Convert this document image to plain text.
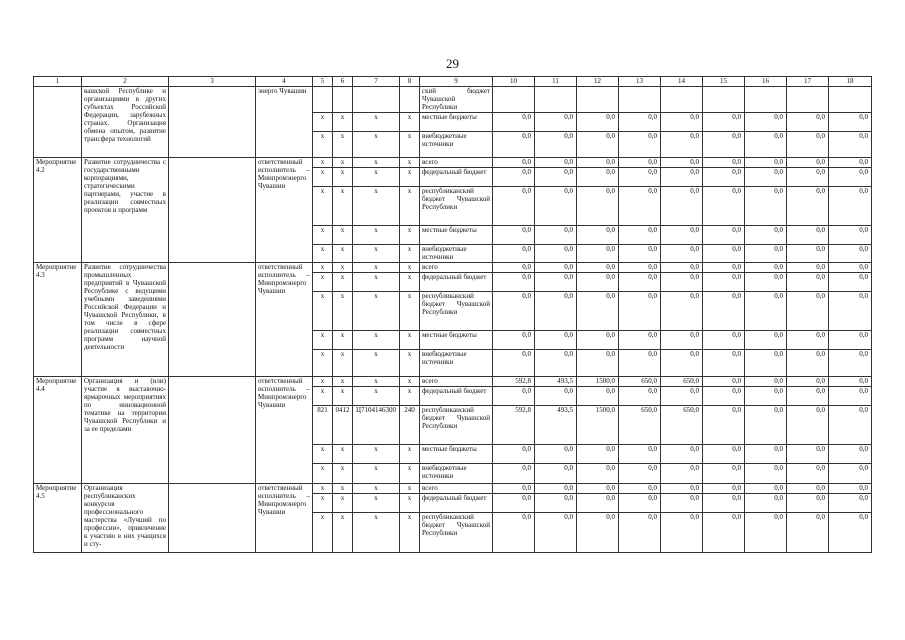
29
1	2	3	4	5	6	7	8	9	10	11	12	13	14	15	16	17	18
	вашской Республике и организациями в других субъектах Российской Федерации, зарубежных странах. Организация обмена опытом, развитие трансфера технологий		энерго Чувашии					ский бюджет Чувашской Республики									
				x	x	x	x	местные бюджеты	0,0	0,0	0,0	0,0	0,0	0,0	0,0	0,0	0,0
				x	x	x	x	внебюджетные источники	0,0	0,0	0,0	0,0	0,0	0,0	0,0	0,0	0,0
Мероприятие 4.2	Развитие сотрудничества с государственными корпорациями, стратегическими партнерами, участие в реализации совместных проектов и программ		ответственный исполнитель – Минпромэнерго Чувашии	x	x	x	x	всего	0,0	0,0	0,0	0,0	0,0	0,0	0,0	0,0	0,0
				x	x	x	x	федеральный бюджет	0,0	0,0	0,0	0,0	0,0	0,0	0,0	0,0	0,0
				x	x	x	x	республиканский бюджет Чувашской Республики	0,0	0,0	0,0	0,0	0,0	0,0	0,0	0,0	0,0
				x	x	x	x	местные бюджеты	0,0	0,0	0,0	0,0	0,0	0,0	0,0	0,0	0,0
				x	x	x	x	внебюджетные источники	0,0	0,0	0,0	0,0	0,0	0,0	0,0	0,0	0,0
Мероприятие 4.3	Развитие сотрудничества промышленных предприятий в Чувашской Республике с ведущими учебными заведениями Российской Федерации и Чувашской Республики, в том числе в сфере реализации совместных программ научной деятельности		ответственный исполнитель – Минпромэнерго Чувашии	x	x	x	x	всего	0,0	0,0	0,0	0,0	0,0	0,0	0,0	0,0	0,0
				x	x	x	x	федеральный бюджет	0,0	0,0	0,0	0,0	0,0	0,0	0,0	0,0	0,0
				x	x	x	x	республиканский бюджет Чувашской Республики	0,0	0,0	0,0	0,0	0,0	0,0	0,0	0,0	0,0
				x	x	x	x	местные бюджеты	0,0	0,0	0,0	0,0	0,0	0,0	0,0	0,0	0,0
				x	x	x	x	внебюджетные источники	0,0	0,0	0,0	0,0	0,0	0,0	0,0	0,0	0,0
Мероприятие 4.4	Организация и (или) участие в выставочно-ярмарочных мероприятиях по инновационной тематике на территории Чувашской Республики и за ее пределами		ответственный исполнитель – Минпромэнерго Чувашии	x	x	x	x	всего	592,8	493,5	1500,0	650,0	650,0	0,0	0,0	0,0	0,0
				x	x	x	x	федеральный бюджет	0,0	0,0	0,0	0,0	0,0	0,0	0,0	0,0	0,0
				821	0412	Ц7104146300	240	республиканский бюджет Чувашской Республики	592,8	493,5	1500,0	650,0	650,0	0,0	0,0	0,0	0,0
				x	x	x	x	местные бюджеты	0,0	0,0	0,0	0,0	0,0	0,0	0,0	0,0	0,0
				x	x	x	x	внебюджетные источники	0,0	0,0	0,0	0,0	0,0	0,0	0,0	0,0	0,0
Мероприятие 4.5	Организация республиканских конкурсов профессионального мастерства «Лучший по профессии», привлечение к участию в них учащихся и сту-		ответственный исполнитель – Минпромэнерго Чувашии	x	x	x	x	всего	0,0	0,0	0,0	0,0	0,0	0,0	0,0	0,0	0,0
				x	x	x	x	федеральный бюджет	0,0	0,0	0,0	0,0	0,0	0,0	0,0	0,0	0,0
				x	x	x	x	республиканский бюджет Чувашской Республики	0,0	0,0	0,0	0,0	0,0	0,0	0,0	0,0	0,0
